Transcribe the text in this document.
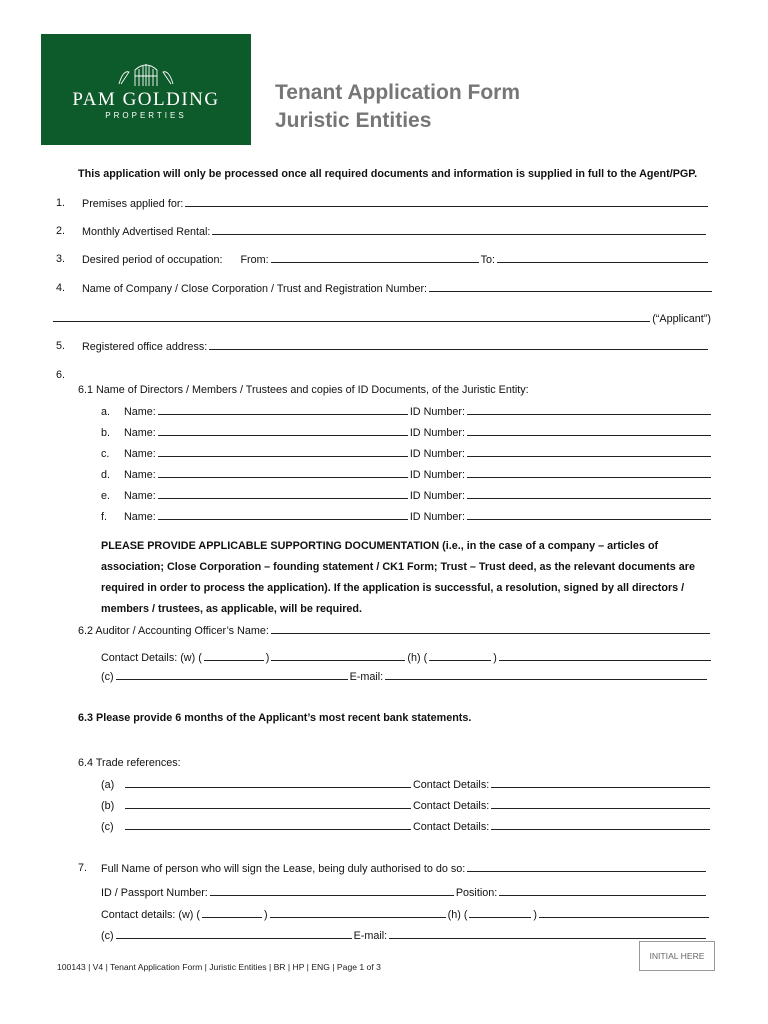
PAM GOLDING
PROPERTIES
Tenant Application Form
Juristic Entities
This application will only be processed once all required documents and information is supplied in full to the Agent/PGP.
1. Premises applied for:
2. Monthly Advertised Rental:
3. Desired period of occupation: From:	To:
4. Name of Company / Close Corporation / Trust and Registration Number:
(“Applicant”)
5. Registered office address:
6.
6.1 Name of Directors / Members / Trustees and copies of ID Documents, of the Juristic Entity:
a.	Name:	ID Number:
b.	Name:	ID Number:
c.	Name:	ID Number:
d.	Name:	ID Number:
e.	Name:	ID Number:
f.	Name:	ID Number:
PLEASE PROVIDE APPLICABLE SUPPORTING DOCUMENTATION (i.e., in the case of a company – articles of
association; Close Corporation – founding statement / CK1 Form; Trust – Trust deed, as the relevant documents are
required in order to process the application). If the application is successful, a resolution, signed by all directors /
members / trustees, as applicable, will be required.
6.2 Auditor / Accounting Officer’s Name:
Contact Details: (w) (	)	(h) (	)
(c)	E-mail:
6.3 Please provide 6 months of the Applicant’s most recent bank statements.
6.4 Trade references:
(a)	Contact Details:
(b)	Contact Details:
(c)	Contact Details:
7. Full Name of person who will sign the Lease, being duly authorised to do so:
ID / Passport Number:	Position:
Contact details: (w) (	)	(h) (	)
(c)	E-mail:
INITIAL HERE
100143 | V4 | Tenant Application Form | Juristic Entities | BR | HP | ENG | Page 1 of 3
